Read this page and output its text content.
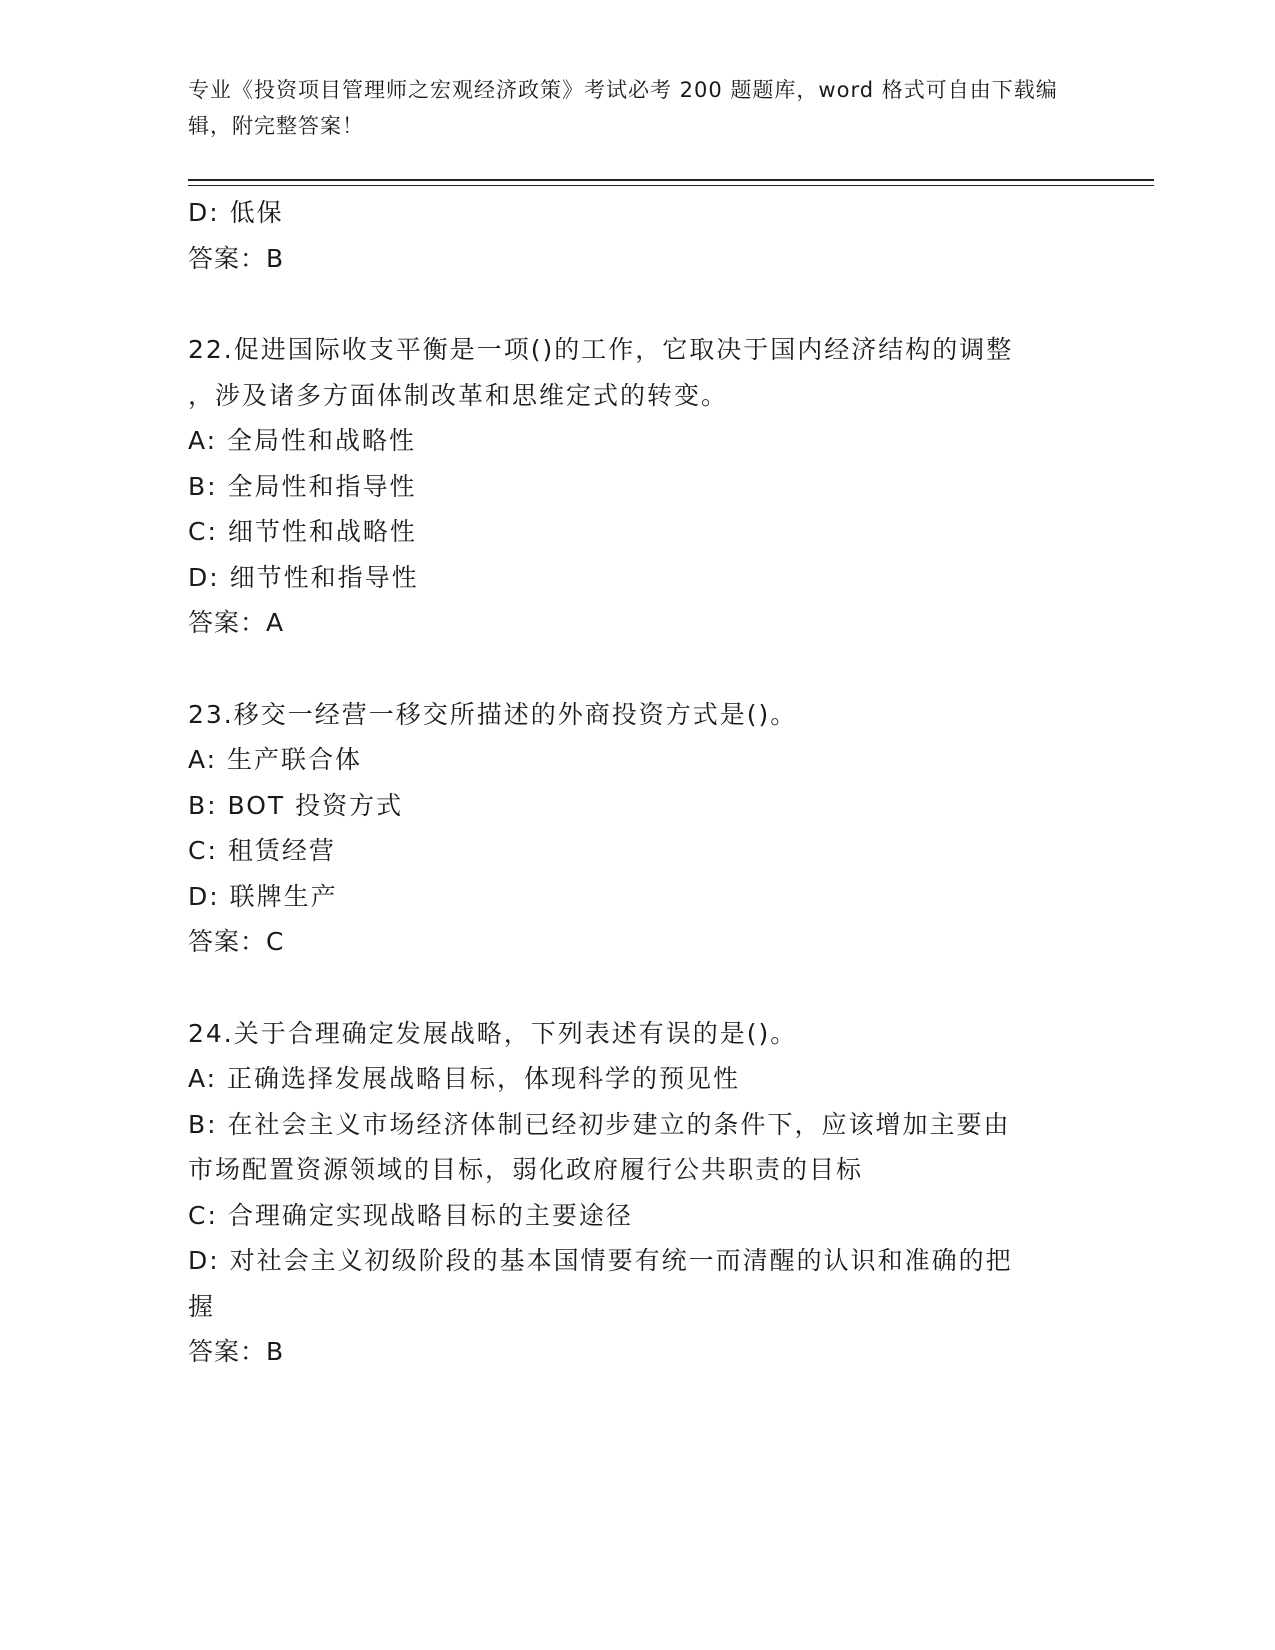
专业《投资项目管理师之宏观经济政策》考试必考 200 题题库，word 格式可自由下载编辑，附完整答案！

D: 低保

答案：B

22.促进国际收支平衡是一项()的工作，它取决于国内经济结构的调整

，涉及诸多方面体制改革和思维定式的转变。

A: 全局性和战略性

B: 全局性和指导性

C: 细节性和战略性

D: 细节性和指导性

答案：A

23.移交一经营一移交所描述的外商投资方式是()。

A: 生产联合体

B: BOT 投资方式

C: 租赁经营

D: 联牌生产

答案：C

24.关于合理确定发展战略，下列表述有误的是()。

A: 正确选择发展战略目标，体现科学的预见性

B: 在社会主义市场经济体制已经初步建立的条件下，应该增加主要由

市场配置资源领域的目标，弱化政府履行公共职责的目标

C: 合理确定实现战略目标的主要途径

D: 对社会主义初级阶段的基本国情要有统一而清醒的认识和准确的把

握

答案：B
